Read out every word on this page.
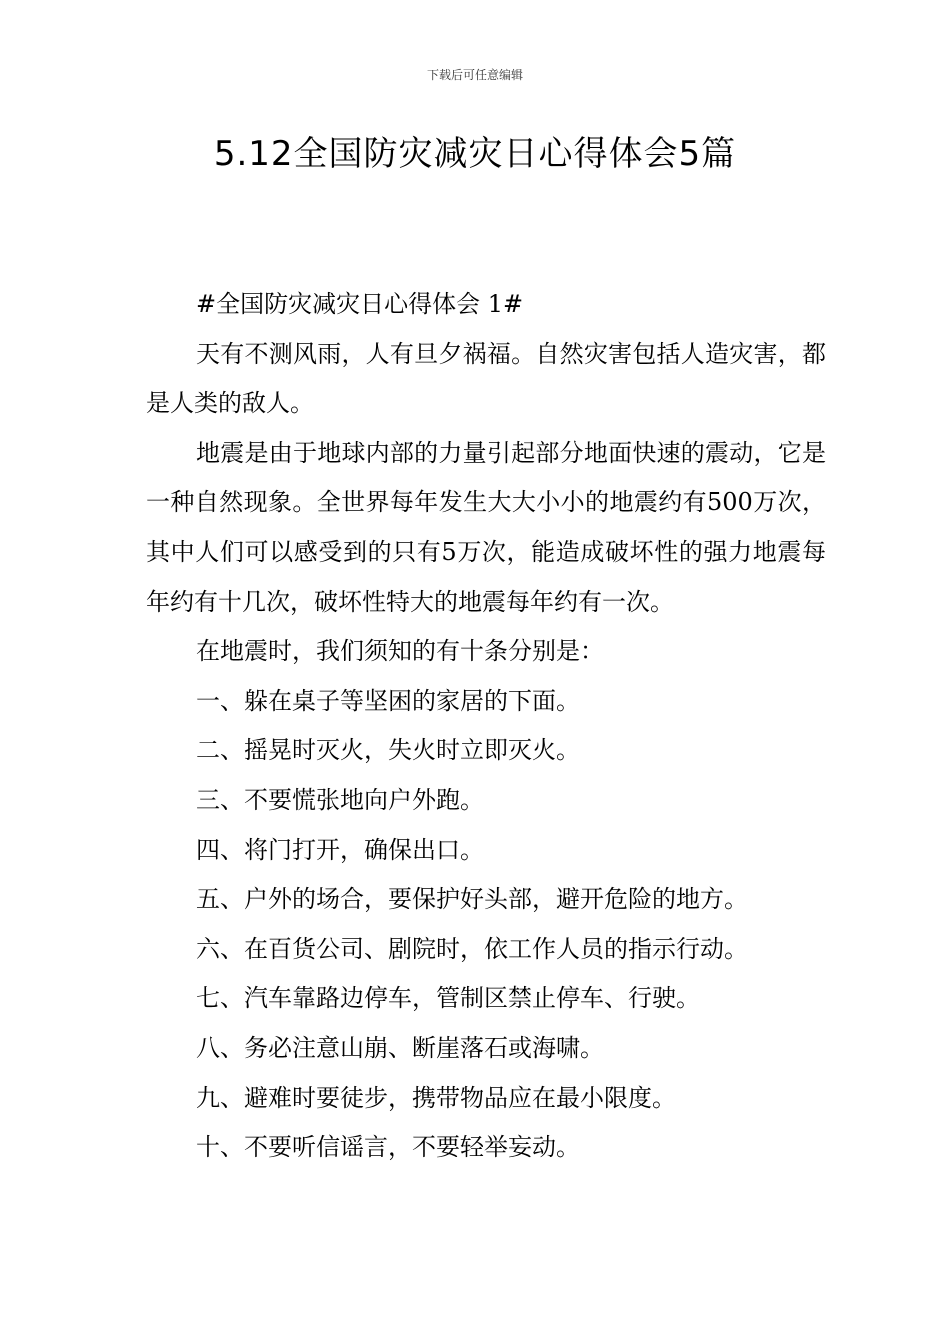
下载后可任意编辑
5.12全国防灾减灾日心得体会5篇

#全国防灾减灾日心得体会 1#

天有不测风雨，人有旦夕祸福。自然灾害包括人造灾害，都是人类的敌人。

地震是由于地球内部的力量引起部分地面快速的震动，它是一种自然现象。全世界每年发生大大小小的地震约有500万次，其中人们可以感受到的只有5万次，能造成破坏性的强力地震每年约有十几次，破坏性特大的地震每年约有一次。

在地震时，我们须知的有十条分别是：

一、躲在桌子等坚困的家居的下面。

二、摇晃时灭火，失火时立即灭火。

三、不要慌张地向户外跑。

四、将门打开，确保出口。

五、户外的场合，要保护好头部，避开危险的地方。

六、在百货公司、剧院时，依工作人员的指示行动。

七、汽车靠路边停车，管制区禁止停车、行驶。

八、务必注意山崩、断崖落石或海啸。

九、避难时要徒步，携带物品应在最小限度。

十、不要听信谣言，不要轻举妄动。
